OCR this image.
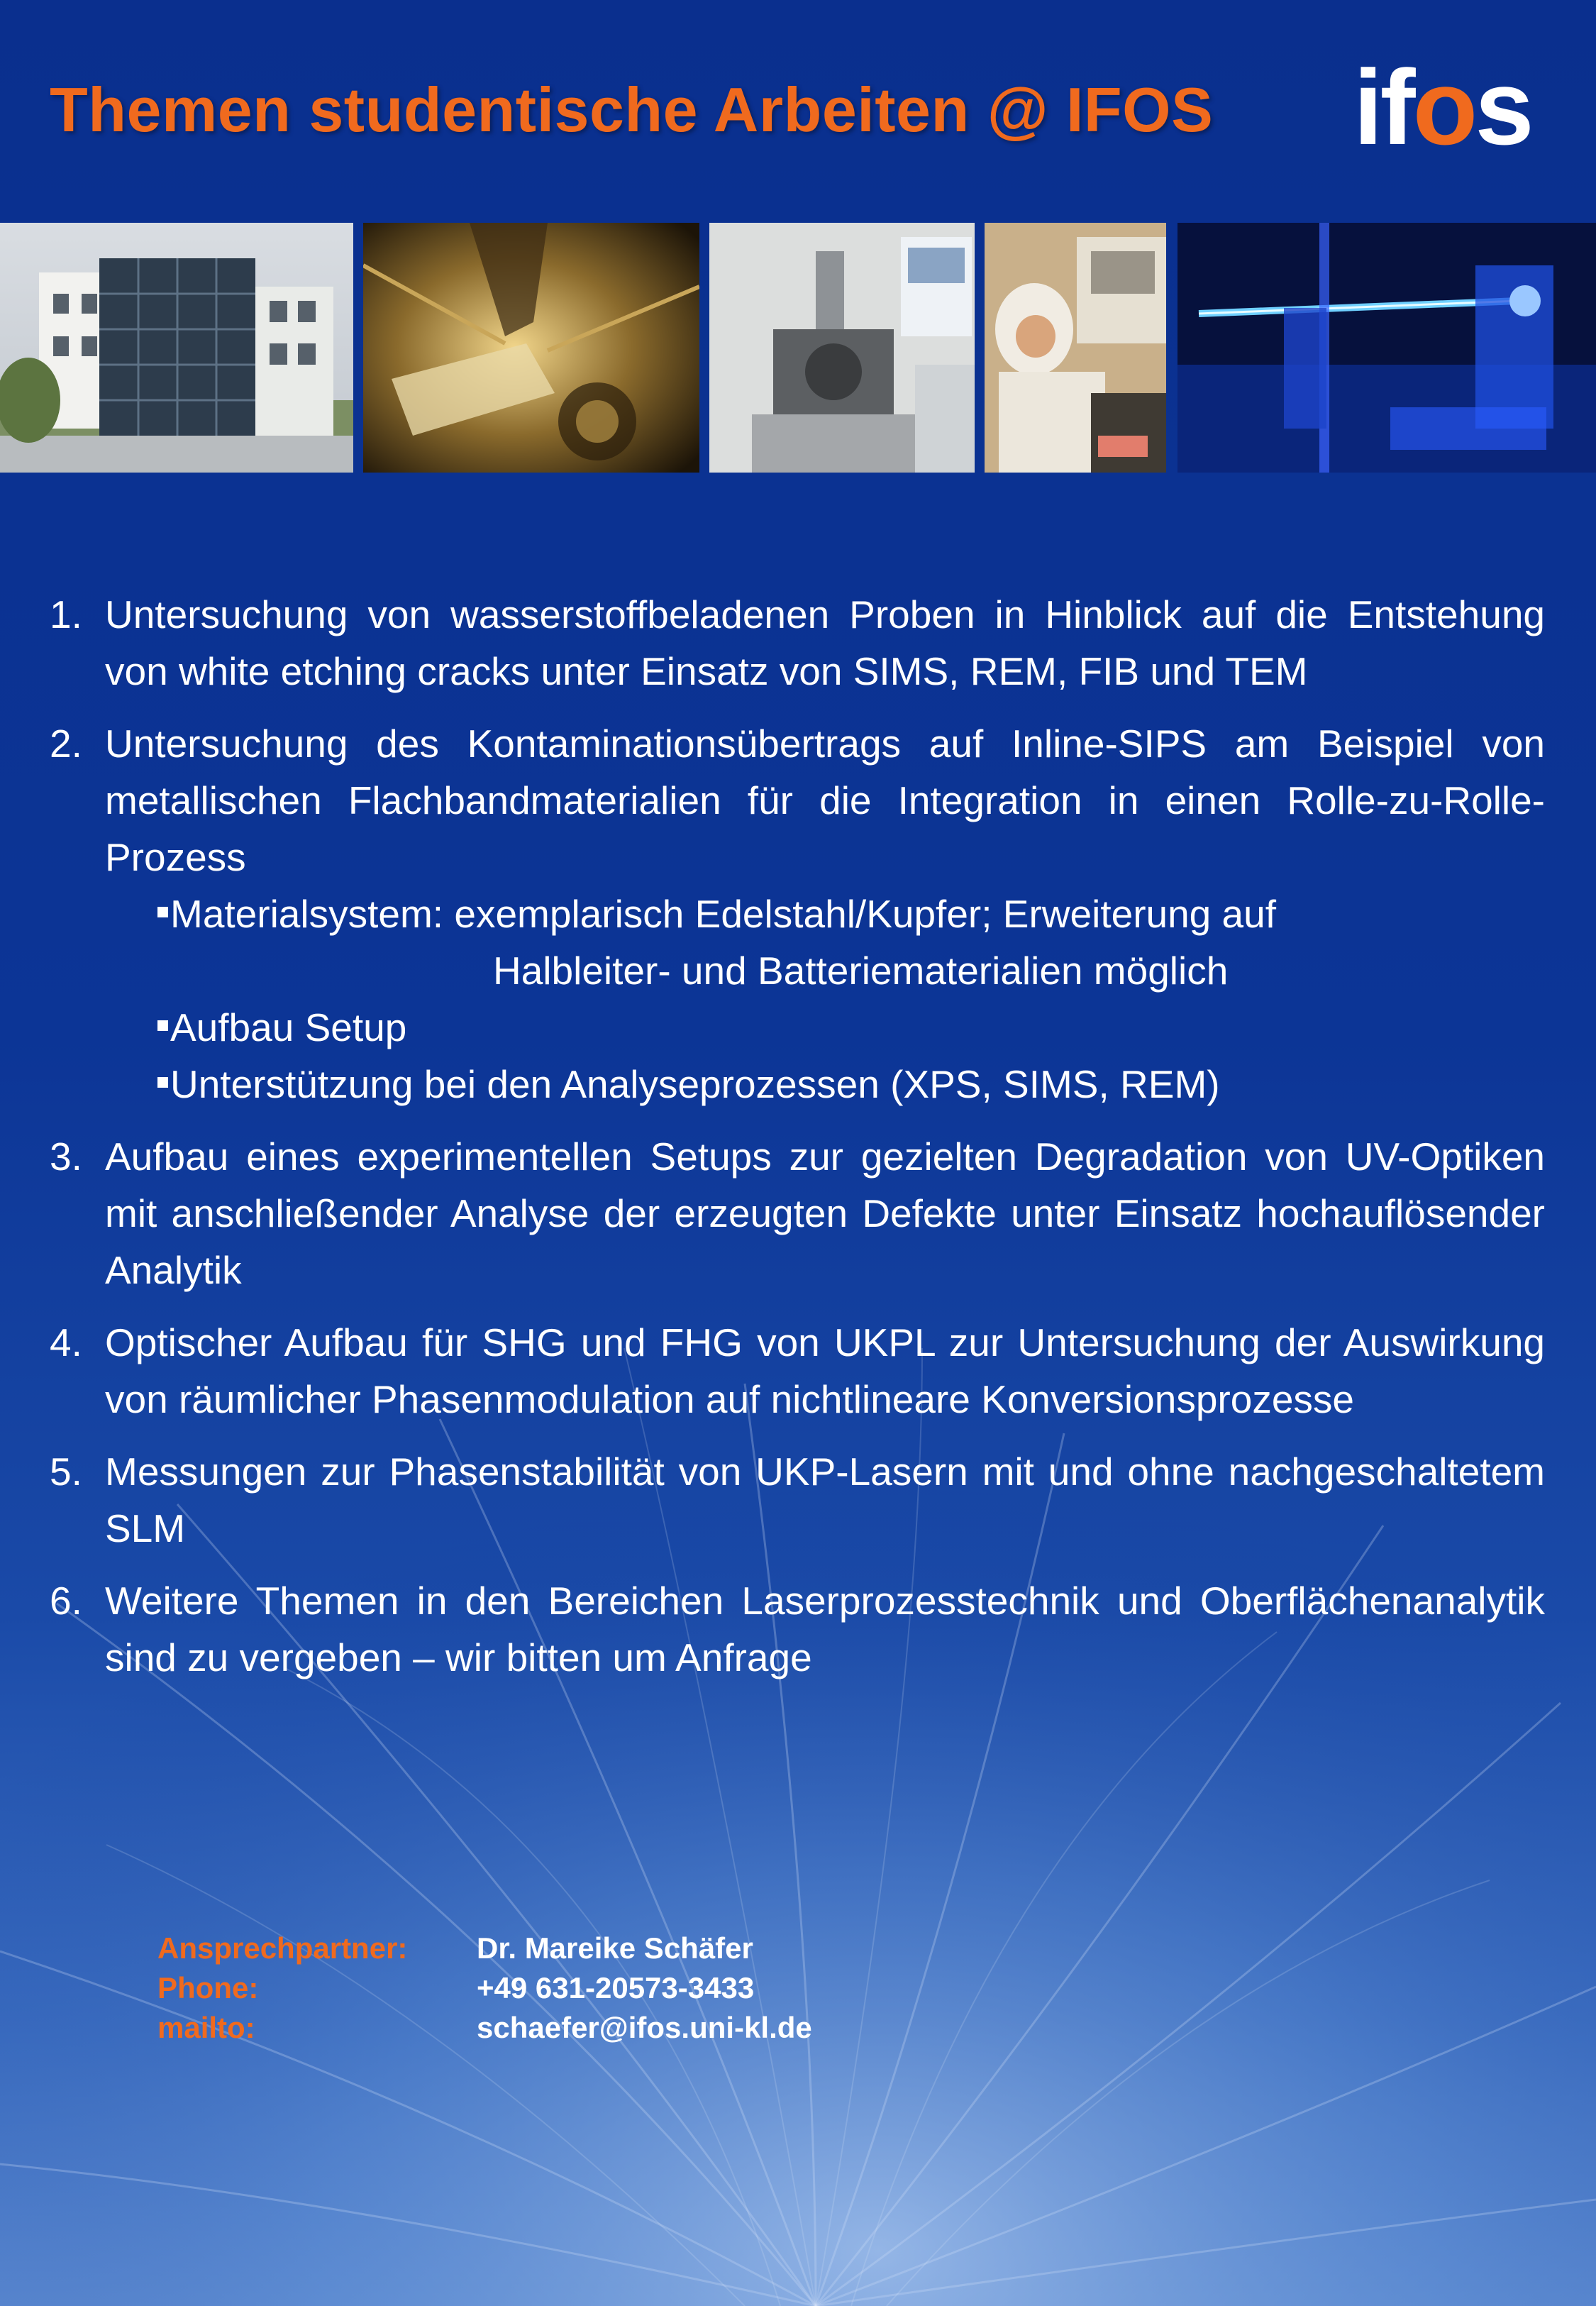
Themen studentische Arbeiten @ IFOS ifos
1. Untersuchung von wasserstoffbeladenen Proben in Hinblick auf die Entstehung von white etching cracks unter Einsatz von SIMS, REM, FIB und TEM
2. Untersuchung des Kontaminationsübertrags auf Inline-SIPS am Beispiel von metallischen Flachbandmaterialien für die Integration in einen Rolle-zu-Rolle-Prozess
Materialsystem: exemplarisch Edelstahl/Kupfer; Erweiterung auf
Halbleiter- und Batteriematerialien möglich
Aufbau Setup
Unterstützung bei den Analyseprozessen (XPS, SIMS, REM)
3. Aufbau eines experimentellen Setups zur gezielten Degradation von UV-Optiken mit anschließender Analyse der erzeugten Defekte unter Einsatz hochauflösender Analytik
4. Optischer Aufbau für SHG und FHG von UKPL zur Untersuchung der Auswirkung von räumlicher Phasenmodulation auf nichtlineare Konversionsprozesse
5. Messungen zur Phasenstabilität von UKP-Lasern mit und ohne nachgeschaltetem SLM
6. Weitere Themen in den Bereichen Laserprozesstechnik und Oberflächenanalytik sind zu vergeben – wir bitten um Anfrage
Ansprechpartner:	Dr. Mareike Schäfer
Phone:	+49 631-20573-3433
mailto:	schaefer@ifos.uni-kl.de
